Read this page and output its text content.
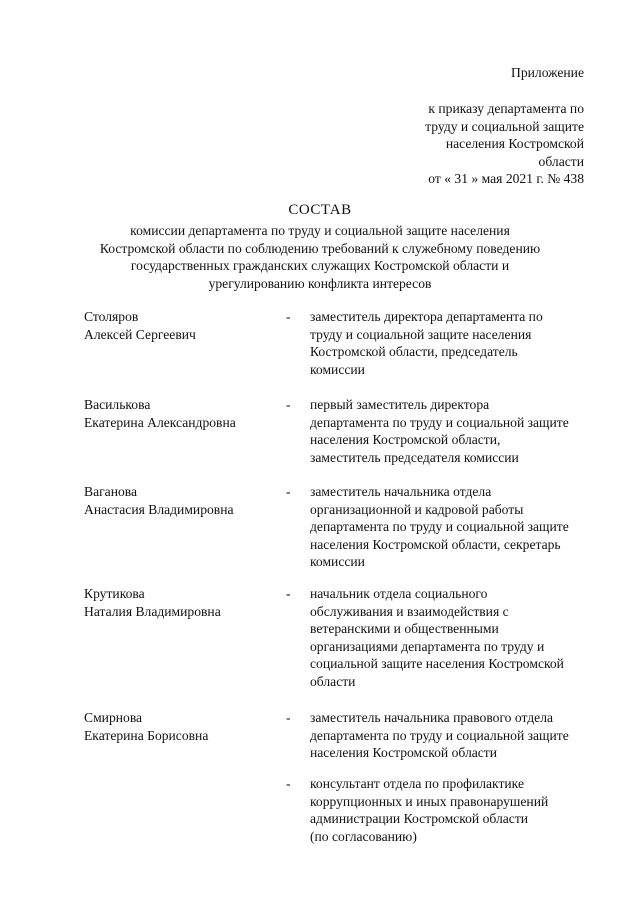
Приложение
к приказу департамента по
труду и социальной защите
населения Костромской
области
от « 31 » мая 2021 г. № 438
СОСТАВ
комиссии департамента по труду и социальной защите населения
Костромской области по соблюдению требований к служебному поведению
государственных гражданских служащих Костромской области и
урегулированию конфликта интересов
Столяров
Алексей Сергеевич
- заместитель директора департамента по
труду и социальной защите населения
Костромской области, председатель
комиссии
Василькова
Екатерина Александровна
- первый заместитель директора
департамента по труду и социальной защите
населения Костромской области,
заместитель председателя комиссии
Ваганова
Анастасия Владимировна
- заместитель начальника отдела
организационной и кадровой работы
департамента по труду и социальной защите
населения Костромской области, секретарь
комиссии
Крутикова
Наталия Владимировна
- начальник отдела социального
обслуживания и взаимодействия с
ветеранскими и общественными
организациями департамента по труду и
социальной защите населения Костромской
области
Смирнова
Екатерина Борисовна
- заместитель начальника правового отдела
департамента по труду и социальной защите
населения Костромской области
- консультант отдела по профилактике
коррупционных и иных правонарушений
администрации Костромской области
(по согласованию)
